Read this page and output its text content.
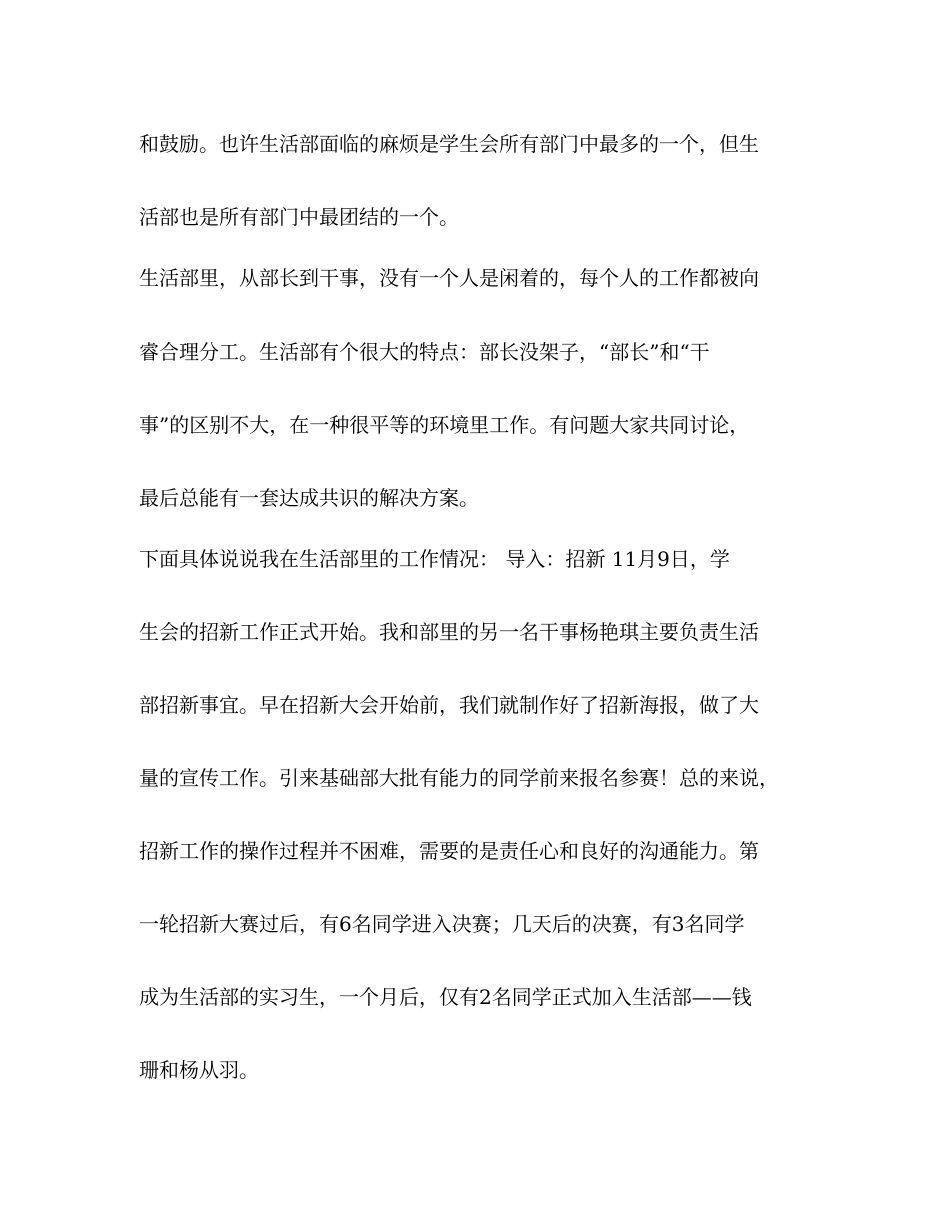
和鼓励。也许生活部面临的麻烦是学生会所有部门中最多的一个，但生
活部也是所有部门中最团结的一个。
生活部里，从部长到干事，没有一个人是闲着的，每个人的工作都被向
睿合理分工。生活部有个很大的特点：部长没架子，“部长”和“干
事”的区别不大，在一种很平等的环境里工作。有问题大家共同讨论，
最后总能有一套达成共识的解决方案。
下面具体说说我在生活部里的工作情况： 导入：招新 11月9日，学
生会的招新工作正式开始。我和部里的另一名干事杨艳琪主要负责生活
部招新事宜。早在招新大会开始前，我们就制作好了招新海报，做了大
量的宣传工作。引来基础部大批有能力的同学前来报名参赛！总的来说，
招新工作的操作过程并不困难，需要的是责任心和良好的沟通能力。第
一轮招新大赛过后，有6名同学进入决赛；几天后的决赛，有3名同学
成为生活部的实习生，一个月后，仅有2名同学正式加入生活部——钱
珊和杨从羽。
